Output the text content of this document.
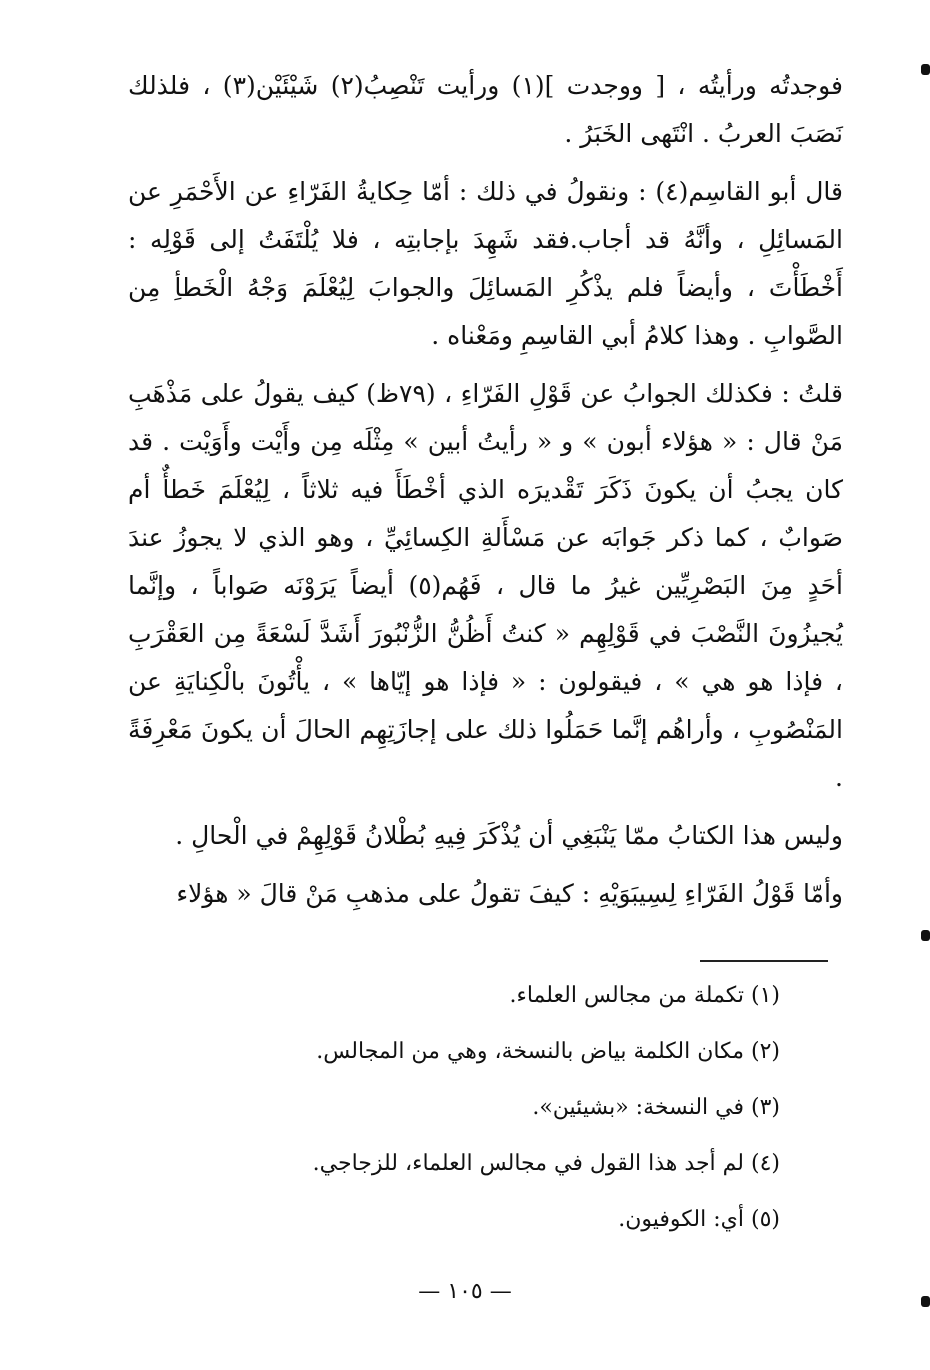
فوجدتُه ورأيتُه ، [ ووجدت ](١) ورأيت تَنْصِبُ(٢) شَيْئَيْن(٣) ، فلذلك نَصَبَ العربُ . انْتَهى الخَبَرُ .

قال أبو القاسِم(٤) : ونقولُ في ذلك : أمّا حِكايةُ الفَرّاءِ عن الأَحْمَرِ عن المَسائِلِ ، وأنَّهُ قد أجاب.فقد شَهِدَ بإجابتِه ، فلا يُلْتَفَتُ إلى قَوْلِه : أَخْطَأْتَ ، وأيضاً فلم يذْكُرِ المَسائِلَ والجوابَ لِيُعْلَمَ وَجْهُ الْخَطأِ مِن الصَّوابِ . وهذا كلامُ أبي القاسِمِ ومَعْناه .

قلتُ : فكذلك الجوابُ عن قَوْلِ الفَرّاءِ ، (٧٩ظ) كيف يقولُ على مَذْهَبِ مَنْ قال : « هؤلاء أبون » و « رأيتُ أبين » مِثْلَه مِن وأَيْت وأَوَيْت . قد كان يجبُ أن يكونَ ذَكَرَ تَقْديرَه الذي أخْطَأَ فيه ثلاثاً ، لِيُعْلَمَ خَطأٌ أم صَوابٌ ، كما ذكر جَوابَه عن مَسْأَلةِ الكِسائِيِّ ، وهو الذي لا يجوزُ عندَ أحَدٍ مِنَ البَصْرِيِّين غيرُ ما قال ، فَهُم(٥) أيضاً يَرَوْنَه صَواباً ، وإنَّما يُجيزُونَ النَّصْبَ في قَوْلِهِم « كنتُ أَظُنُّ الزُّنْبُورَ أَشَدَّ لَسْعَةً مِن العَقْرَبِ ، فإذا هو هي » ، فيقولون : « فإذا هو إيّاها » ، يأْتُونَ بالْكِنايَةِ عن المَنْصُوبِ ، وأراهُم إنَّما حَمَلُوا ذلك على إجازَتِهِم الحالَ أن يكونَ مَعْرِفَةً .

وليس هذا الكتابُ ممّا يَنْبَغِي أن يُذْكَرَ فِيهِ بُطْلانُ قَوْلِهِمْ في الْحالِ .

وأمّا قَوْلُ الفَرّاءِ لِسِيبَوَيْهِ : كيفَ تقولُ على مذهبِ مَنْ قالَ « هؤلاء

(١) تكملة من مجالس العلماء.
(٢) مكان الكلمة بياض بالنسخة، وهي من المجالس.
(٣) في النسخة: «بشيئين».
(٤) لم أجد هذا القول في مجالس العلماء، للزجاجي.
(٥) أي: الكوفيون.
— ١٠٥ —
